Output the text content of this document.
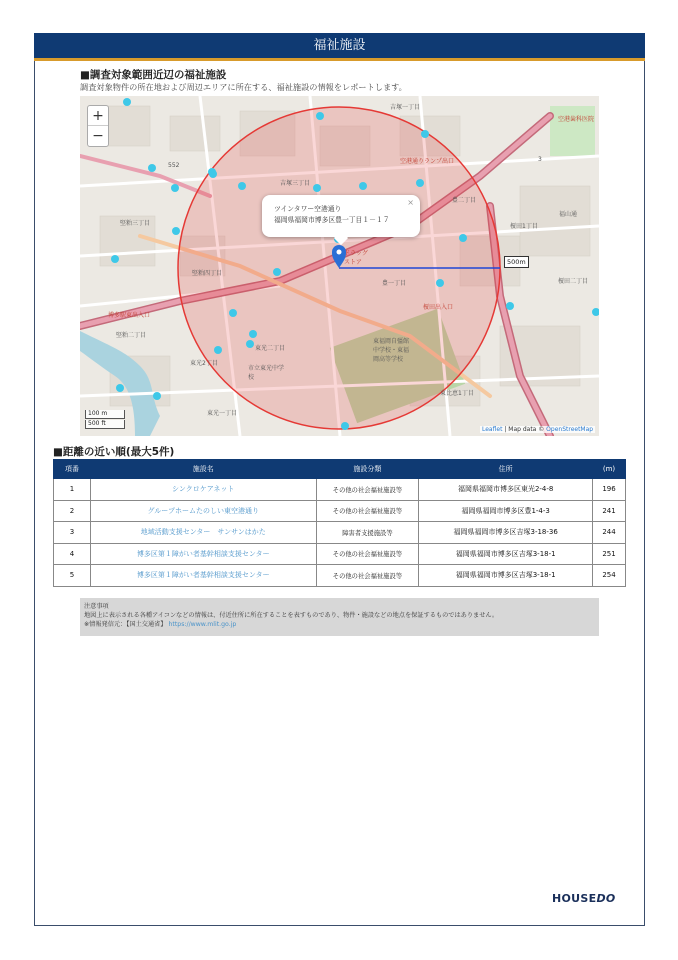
福祉施設
■調査対象範囲近辺の福祉施設
調査対象物件の所在地および周辺エリアに所在する、福祉施設の情報をレポートします。
吉塚三丁目
吉塚一丁目
空港通りランプ出口
豊二丁目
豊一丁目
堅粕三丁目
堅粕四丁目
堅粕二丁目
東光二丁目
東光一丁目
東光2丁目
博多駅東出入口
市立東光中学校
東福岡自彊館中学校・東福岡高等学校
榎田出入口
榎田1丁目
榎田二丁目
福山通
空港歯科医院
東比恵1丁目
552
3
ドラッグストア
+
−
×
ツインタワー空港通り
福岡県福岡市博多区豊一丁目１－１７
500m
100 m
500 ft
Leaflet | Map data © OpenStreetMap
■距離の近い順(最大5件)
項番	施設名	施設分類	住所	(m)
1	シンクロケアネット	その他の社会福祉施設等	福岡県福岡市博多区東光2-4-8	196
2	グループホームたのしい東空港通り	その他の社会福祉施設等	福岡県福岡市博多区豊1-4-3	241
3	地域活動支援センター　サンサンはかた	障害者支援施設等	福岡県福岡市博多区吉塚3-18-36	244
4	博多区第１障がい者基幹相談支援センター	その他の社会福祉施設等	福岡県福岡市博多区吉塚3-18-1	251
5	博多区第１障がい者基幹相談支援センター	その他の社会福祉施設等	福岡県福岡市博多区吉塚3-18-1	254
注意事項
地図上に表示される各種アイコンなどの情報は、付近住所に所在することを表すものであり、物件・施設などの地点を保証するものではありません。
※情報発信元：【国土交通省】 https://www.mlit.go.jp
HOUSEDO
